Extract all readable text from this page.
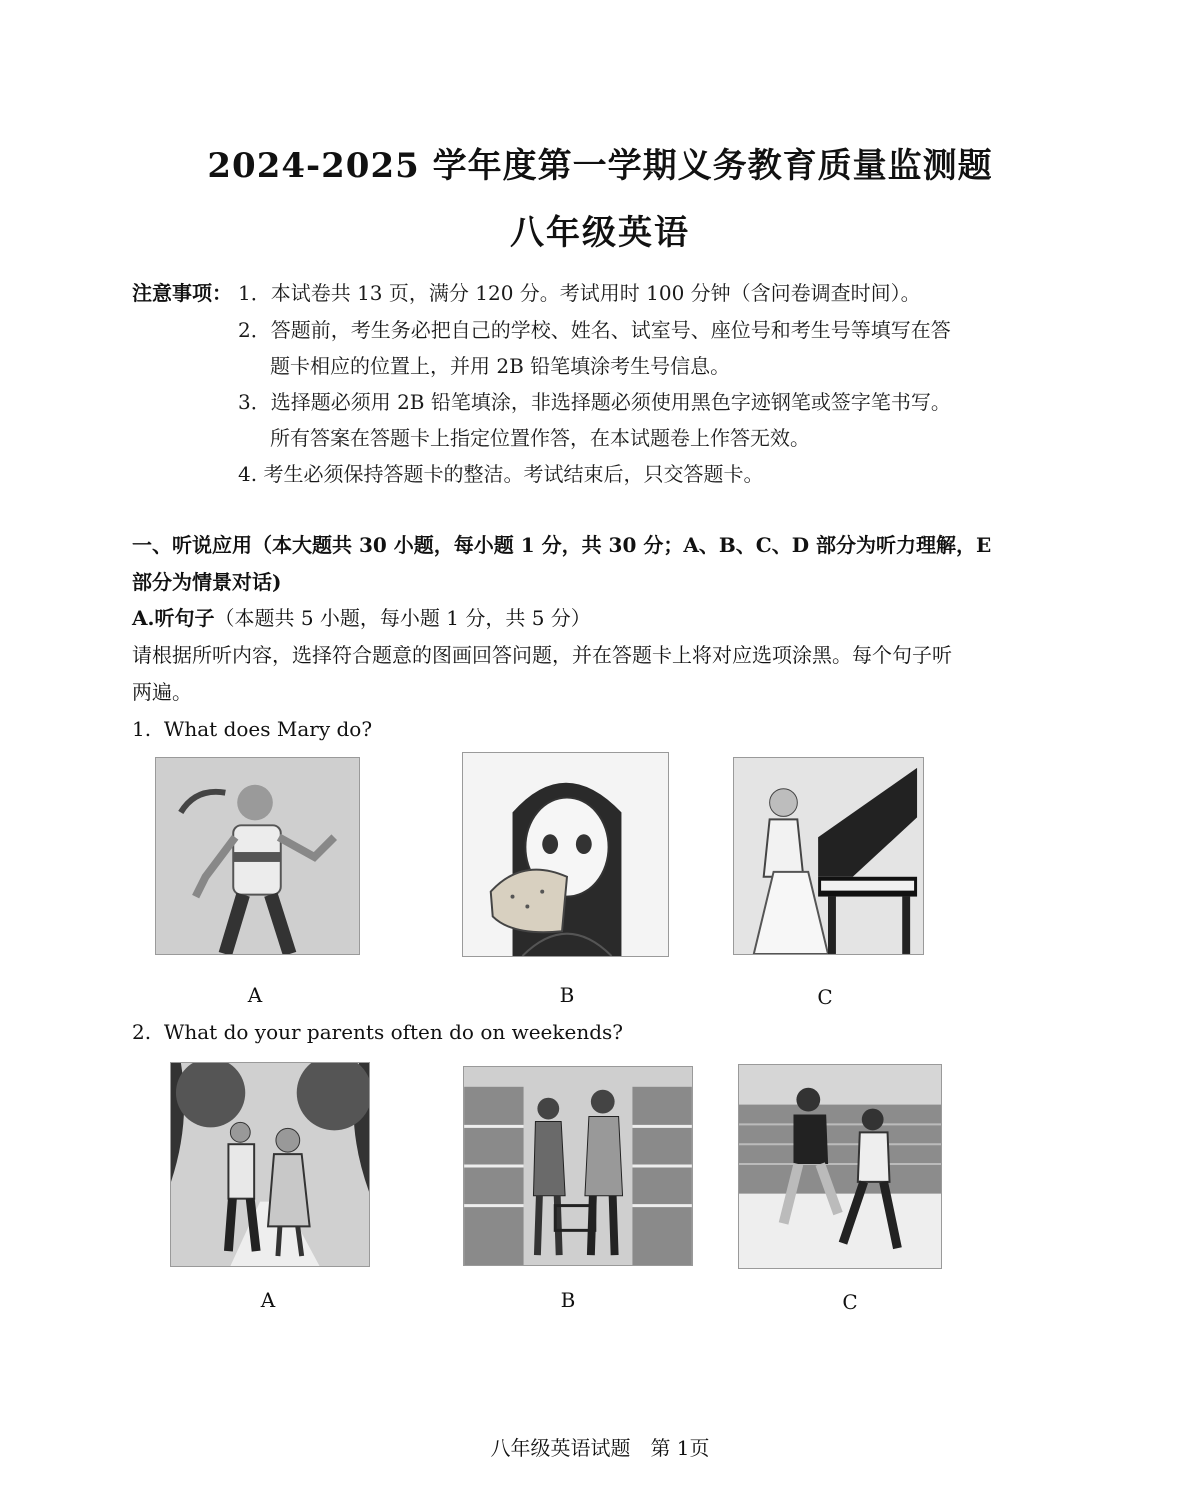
2024-2025 学年度第一学期义务教育质量监测题
八年级英语
注意事项： 1．本试卷共 13 页，满分 120 分。考试用时 100 分钟（含问卷调查时间）。
2．答题前，考生务必把自己的学校、姓名、试室号、座位号和考生号等填写在答
题卡相应的位置上，并用 2B 铅笔填涂考生号信息。
3．选择题必须用 2B 铅笔填涂，非选择题必须使用黑色字迹钢笔或签字笔书写。
所有答案在答题卡上指定位置作答，在本试题卷上作答无效。
4. 考生必须保持答题卡的整洁。考试结束后，只交答题卡。
一、听说应用（本大题共 30 小题，每小题 1 分，共 30 分；A、B、C、D 部分为听力理解，E
部分为情景对话)
A.听句子（本题共 5 小题，每小题 1 分，共 5 分）
请根据所听内容，选择符合题意的图画回答问题，并在答题卡上将对应选项涂黑。每个句子听
两遍。
1. What does Mary do?
A	B	C
2. What do your parents often do on weekends?
A	B	C
八年级英语试题　第 1页
